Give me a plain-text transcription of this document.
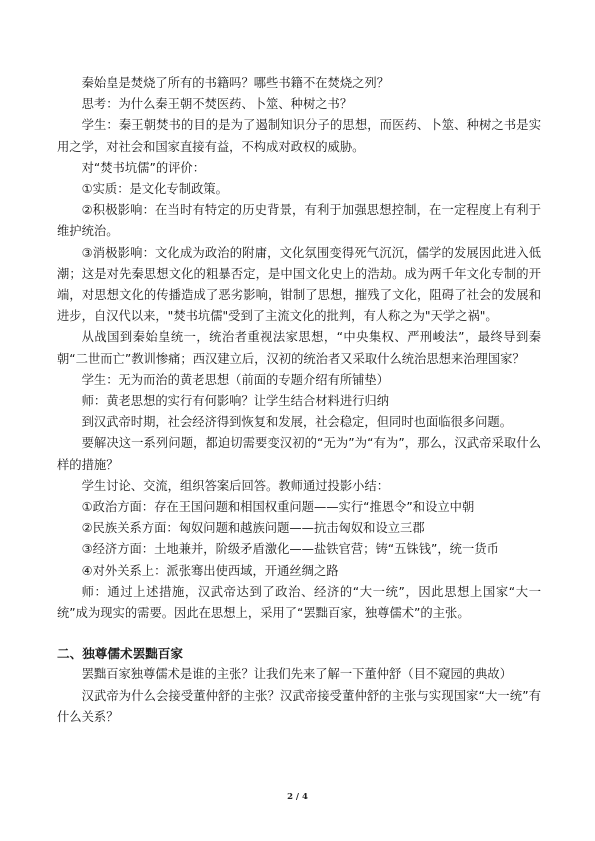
秦始皇是焚烧了所有的书籍吗？哪些书籍不在焚烧之列？

思考：为什么秦王朝不焚医药、卜筮、种树之书？

学生：秦王朝焚书的目的是为了遏制知识分子的思想，而医药、卜筮、种树之书是实用之学，对社会和国家直接有益，不构成对政权的威胁。

对“焚书坑儒”的评价：

①实质：是文化专制政策。

②积极影响：在当时有特定的历史背景，有利于加强思想控制，在一定程度上有利于维护统治。

③消极影响：文化成为政治的附庸，文化氛围变得死气沉沉，儒学的发展因此进入低潮；这是对先秦思想文化的粗暴否定，是中国文化史上的浩劫。成为两千年文化专制的开端，对思想文化的传播造成了恶劣影响，钳制了思想，摧残了文化，阻碍了社会的发展和进步，自汉代以来，"焚书坑儒"受到了主流文化的批判，有人称之为"天学之祸"。

从战国到秦始皇统一，统治者重视法家思想，“中央集权、严刑峻法”，最终导到秦朝“二世而亡”教训惨痛；西汉建立后，汉初的统治者又采取什么统治思想来治理国家？

学生：无为而治的黄老思想（前面的专题介绍有所铺垫）

师：黄老思想的实行有何影响？让学生结合材料进行归纳

到汉武帝时期，社会经济得到恢复和发展，社会稳定，但同时也面临很多问题。

要解决这一系列问题，都迫切需要变汉初的“无为”为“有为”，那么，汉武帝采取什么样的措施？

学生讨论、交流，组织答案后回答。教师通过投影小结：

①政治方面：存在王国问题和相国权重问题——实行“推恩令”和设立中朝

②民族关系方面：匈奴问题和越族问题——抗击匈奴和设立三郡

③经济方面：土地兼并，阶级矛盾激化——盐铁官营；铸“五铢钱”，统一货币

④对外关系上：派张骞出使西域，开通丝绸之路

师：通过上述措施，汉武帝达到了政治、经济的“大一统”，因此思想上国家“大一统”成为现实的需要。因此在思想上，采用了“罢黜百家，独尊儒术”的主张。

二、独尊儒术罢黜百家

罢黜百家独尊儒术是谁的主张？让我们先来了解一下董仲舒（目不窥园的典故）

汉武帝为什么会接受董仲舒的主张？汉武帝接受董仲舒的主张与实现国家“大一统”有什么关系？

2 / 4
